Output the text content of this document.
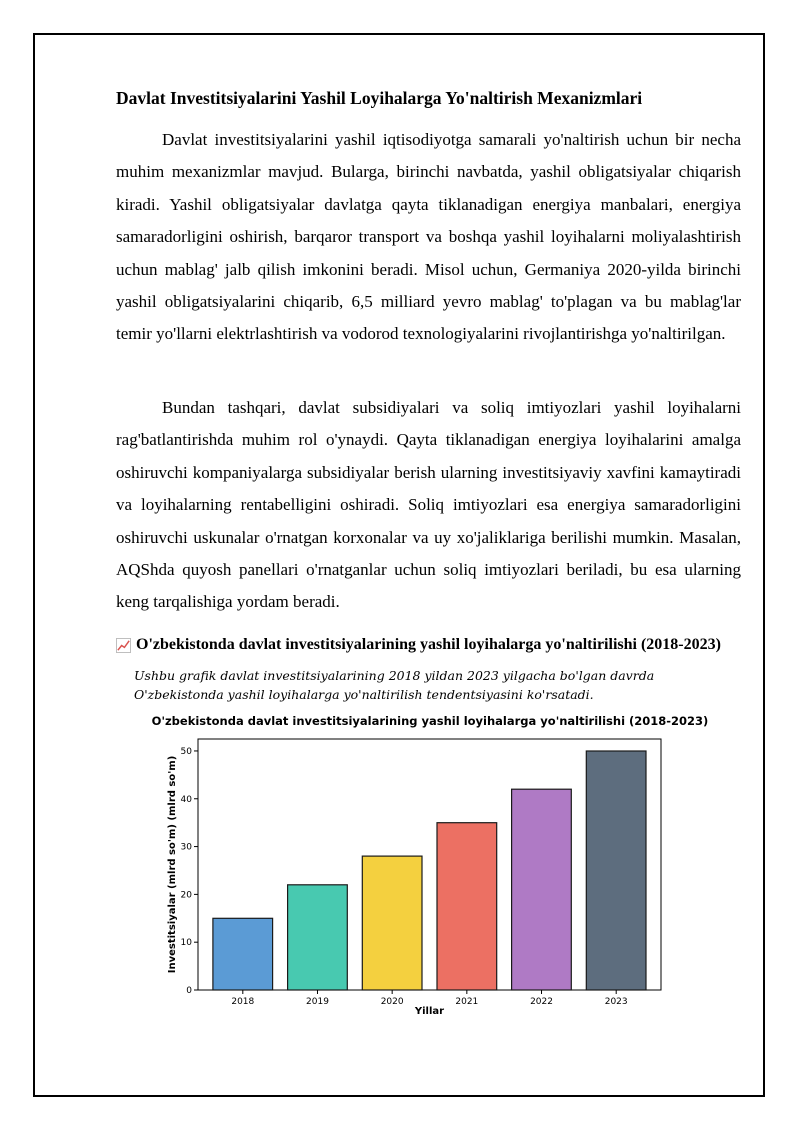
Davlat Investitsiyalarini Yashil Loyihalarga Yo'naltirish Mexanizmlari

Davlat investitsiyalarini yashil iqtisodiyotga samarali yo'naltirish uchun bir necha muhim mexanizmlar mavjud. Bularga, birinchi navbatda, yashil obligatsiyalar chiqarish kiradi. Yashil obligatsiyalar davlatga qayta tiklanadigan energiya manbalari, energiya samaradorligini oshirish, barqaror transport va boshqa yashil loyihalarni moliyalashtirish uchun mablag' jalb qilish imkonini beradi. Misol uchun, Germaniya 2020-yilda birinchi yashil obligatsiyalarini chiqarib, 6,5 milliard yevro mablag' to'plagan va bu mablag'lar temir yo'llarni elektrlashtirish va vodorod texnologiyalarini rivojlantirishga yo'naltirilgan.

Bundan tashqari, davlat subsidiyalari va soliq imtiyozlari yashil loyihalarni rag'batlantirishda muhim rol o'ynaydi. Qayta tiklanadigan energiya loyihalarini amalga oshiruvchi kompaniyalarga subsidiyalar berish ularning investitsiyaviy xavfini kamaytiradi va loyihalarning rentabelligini oshiradi. Soliq imtiyozlari esa energiya samaradorligini oshiruvchi uskunalar o'rnatgan korxonalar va uy xo'jaliklariga berilishi mumkin. Masalan, AQShda quyosh panellari o'rnatganlar uchun soliq imtiyozlari beriladi, bu esa ularning keng tarqalishiga yordam beradi.

O'zbekistonda davlat investitsiyalarining yashil loyihalarga yo'naltirilishi (2018-2023)

Ushbu grafik davlat investitsiyalarining 2018 yildan 2023 yilgacha bo'lgan davrda O'zbekistonda yashil loyihalarga yo'naltirilish tendentsiyasini ko'rsatadi.

O'zbekistonda davlat investitsiyalarining yashil loyihalarga yo'naltirilishi (2018-2023)
0
10
20
30
40
50
2018	2019	2020	2021	2022	2023
Yillar
Investitsiyalar (mlrd so'm) (mlrd so'm)
